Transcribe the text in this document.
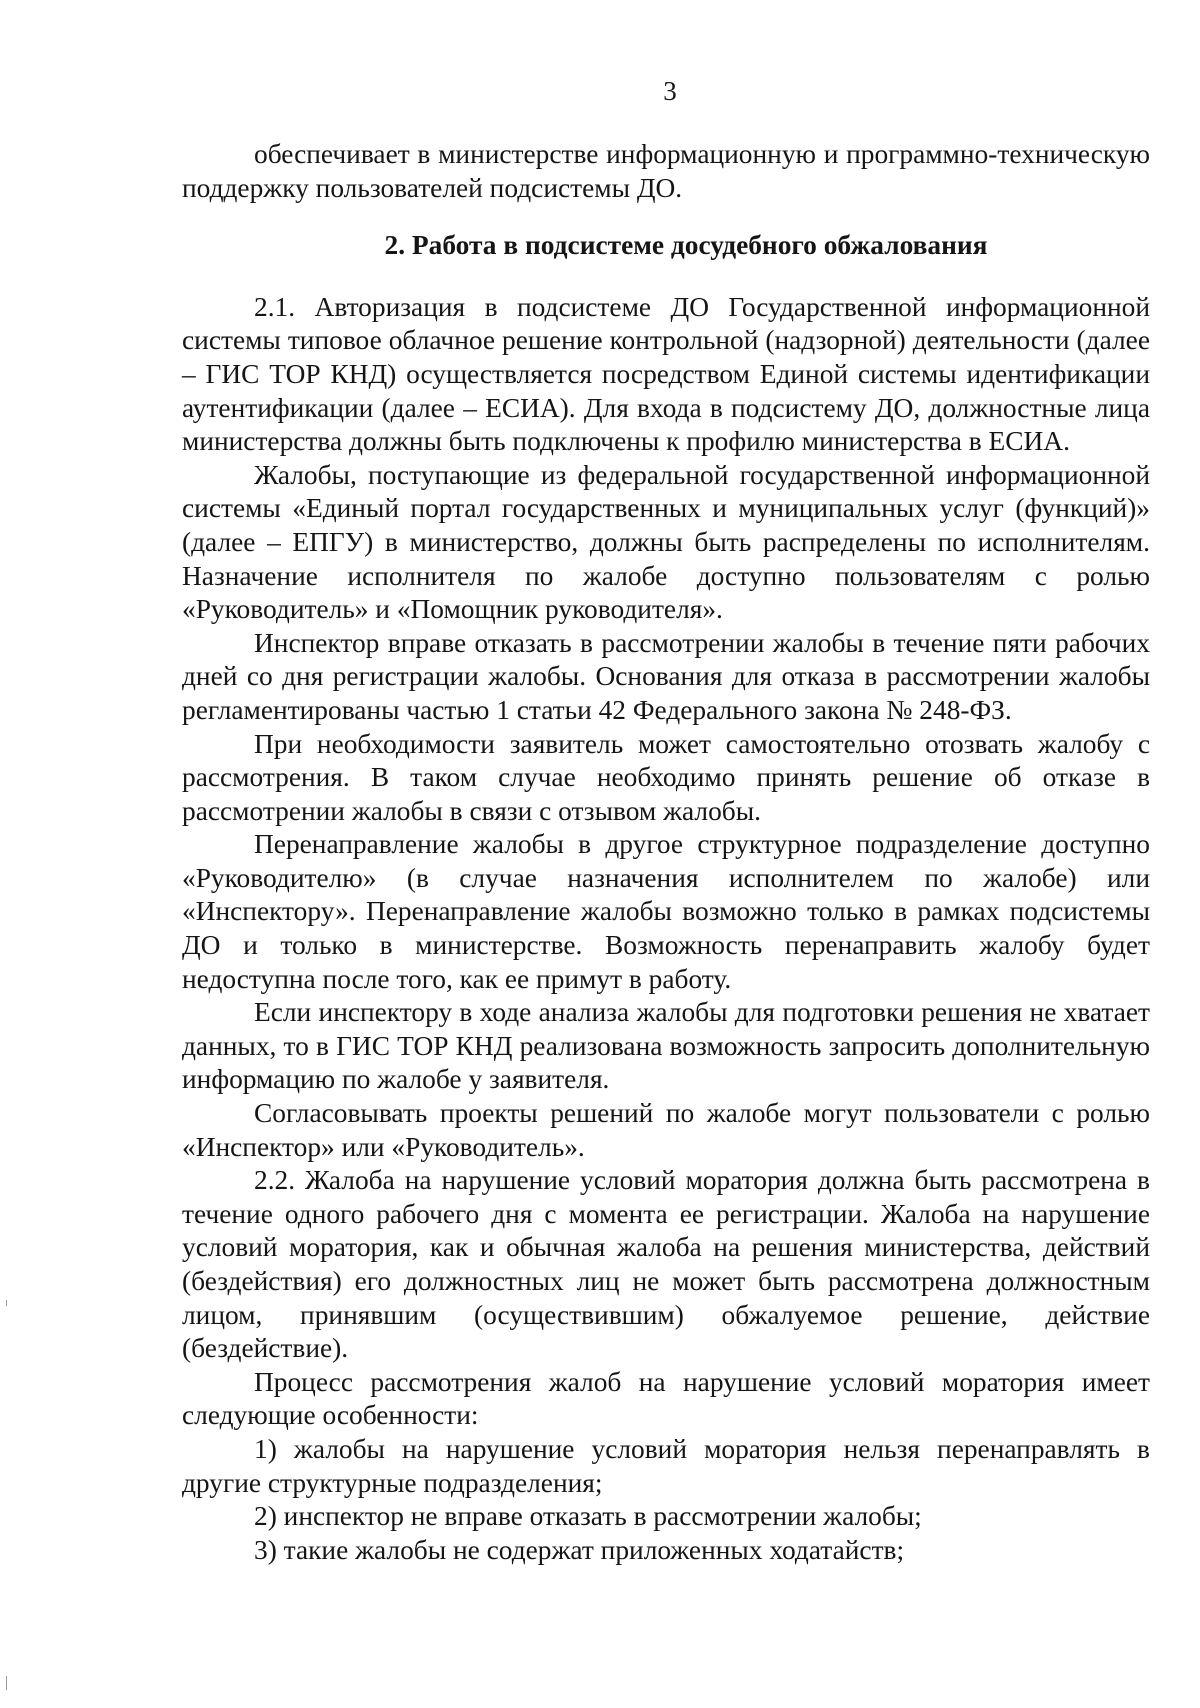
3

обеспечивает в министерстве информационную и программно-техническую поддержку пользователей подсистемы ДО.

2. Работа в подсистеме досудебного обжалования

2.1. Авторизация в подсистеме ДО Государственной информационной системы типовое облачное решение контрольной (надзорной) деятельности (далее – ГИС ТОР КНД) осуществляется посредством Единой системы идентификации аутентификации (далее – ЕСИА). Для входа в подсистему ДО, должностные лица министерства должны быть подключены к профилю министерства в ЕСИА.

Жалобы, поступающие из федеральной государственной информационной системы «Единый портал государственных и муниципальных услуг (функций)» (далее – ЕПГУ) в министерство, должны быть распределены по исполнителям. Назначение исполнителя по жалобе доступно пользователям с ролью «Руководитель» и «Помощник руководителя».

Инспектор вправе отказать в рассмотрении жалобы в течение пяти рабочих дней со дня регистрации жалобы. Основания для отказа в рассмотрении жалобы регламентированы частью 1 статьи 42 Федерального закона № 248-ФЗ.

При необходимости заявитель может самостоятельно отозвать жалобу с рассмотрения. В таком случае необходимо принять решение об отказе в рассмотрении жалобы в связи с отзывом жалобы.

Перенаправление жалобы в другое структурное подразделение доступно «Руководителю» (в случае назначения исполнителем по жалобе) или «Инспектору». Перенаправление жалобы возможно только в рамках подсистемы ДО и только в министерстве. Возможность перенаправить жалобу будет недоступна после того, как ее примут в работу.

Если инспектору в ходе анализа жалобы для подготовки решения не хватает данных, то в ГИС ТОР КНД реализована возможность запросить дополнительную информацию по жалобе у заявителя.

Согласовывать проекты решений по жалобе могут пользователи с ролью «Инспектор» или «Руководитель».

2.2. Жалоба на нарушение условий моратория должна быть рассмотрена в течение одного рабочего дня с момента ее регистрации. Жалоба на нарушение условий моратория, как и обычная жалоба на решения министерства, действий (бездействия) его должностных лиц не может быть рассмотрена должностным лицом, принявшим (осуществившим) обжалуемое решение, действие (бездействие).

Процесс рассмотрения жалоб на нарушение условий моратория имеет следующие особенности:

1) жалобы на нарушение условий моратория нельзя перенаправлять в другие структурные подразделения;

2) инспектор не вправе отказать в рассмотрении жалобы;

3) такие жалобы не содержат приложенных ходатайств;
